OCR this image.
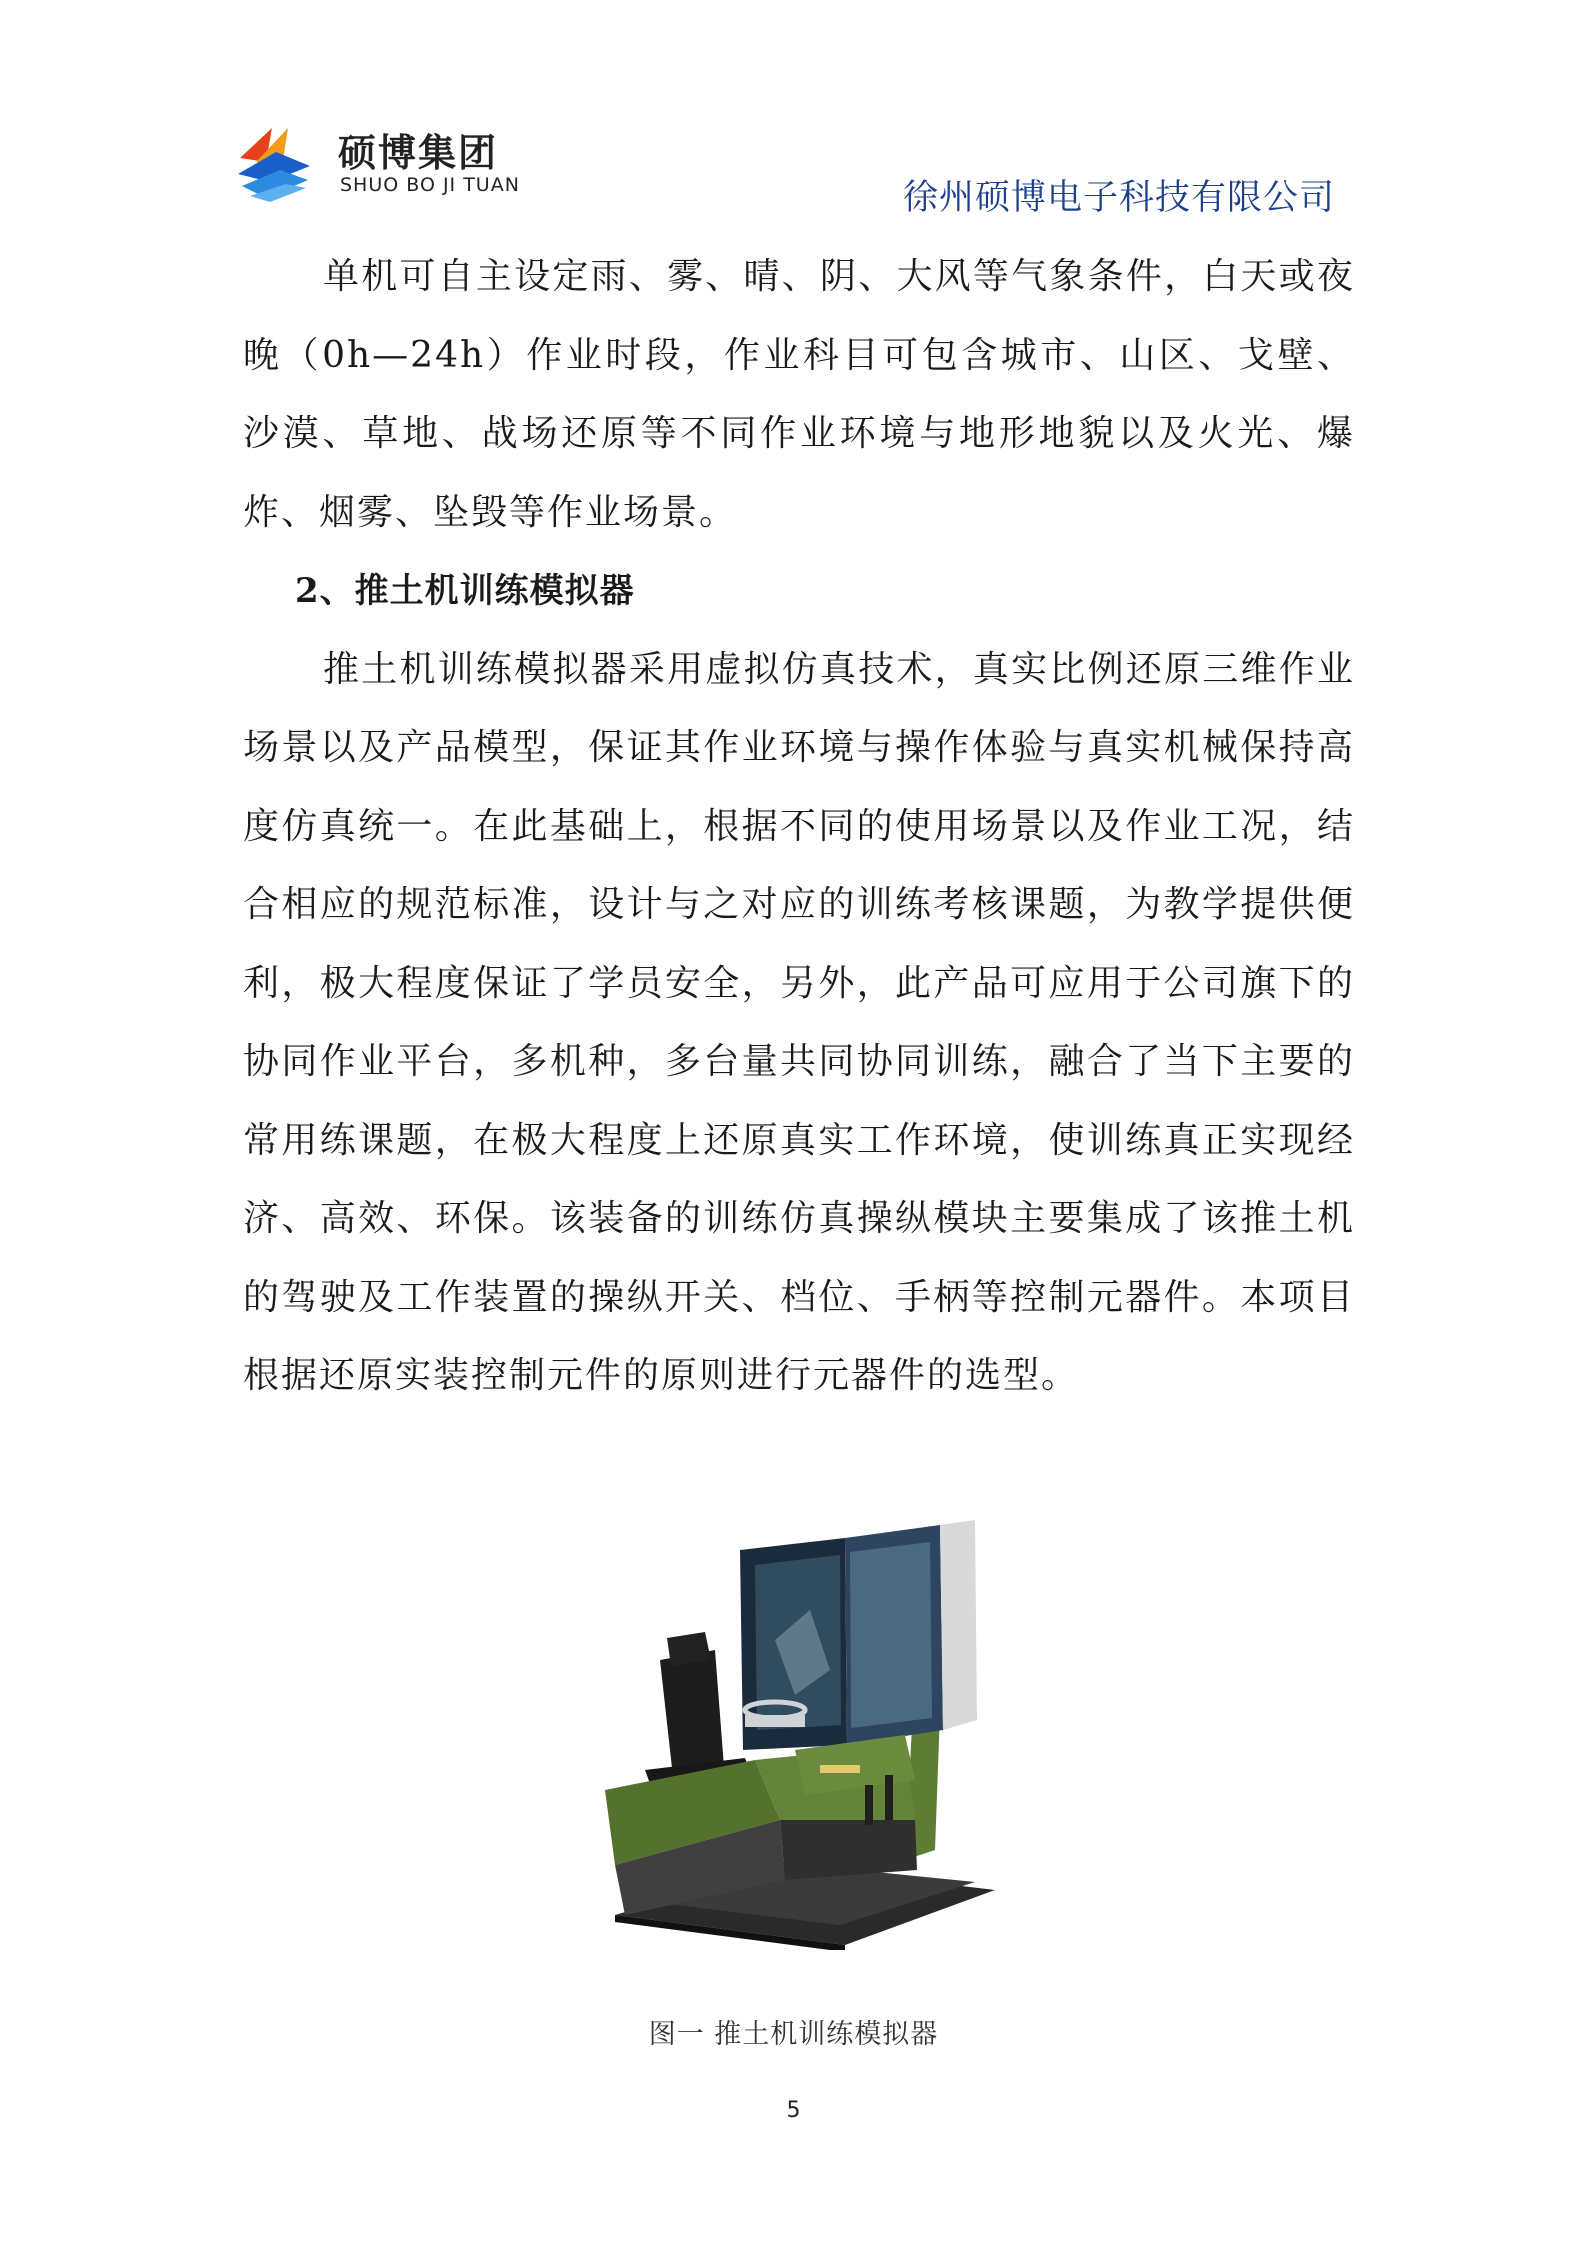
硕博集团
SHUO BO JI TUAN	徐州硕博电子科技有限公司

单机可自主设定雨、雾、晴、阴、大风等气象条件，白天或夜晚（0h—24h）作业时段，作业科目可包含城市、山区、戈壁、沙漠、草地、战场还原等不同作业环境与地形地貌以及火光、爆炸、烟雾、坠毁等作业场景。

2、推土机训练模拟器

推土机训练模拟器采用虚拟仿真技术，真实比例还原三维作业场景以及产品模型，保证其作业环境与操作体验与真实机械保持高度仿真统一。在此基础上，根据不同的使用场景以及作业工况，结合相应的规范标准，设计与之对应的训练考核课题，为教学提供便利，极大程度保证了学员安全，另外，此产品可应用于公司旗下的协同作业平台，多机种，多台量共同协同训练，融合了当下主要的常用练课题，在极大程度上还原真实工作环境，使训练真正实现经济、高效、环保。该装备的训练仿真操纵模块主要集成了该推土机的驾驶及工作装置的操纵开关、档位、手柄等控制元器件。本项目根据还原实装控制元件的原则进行元器件的选型。

图一 推土机训练模拟器
5
